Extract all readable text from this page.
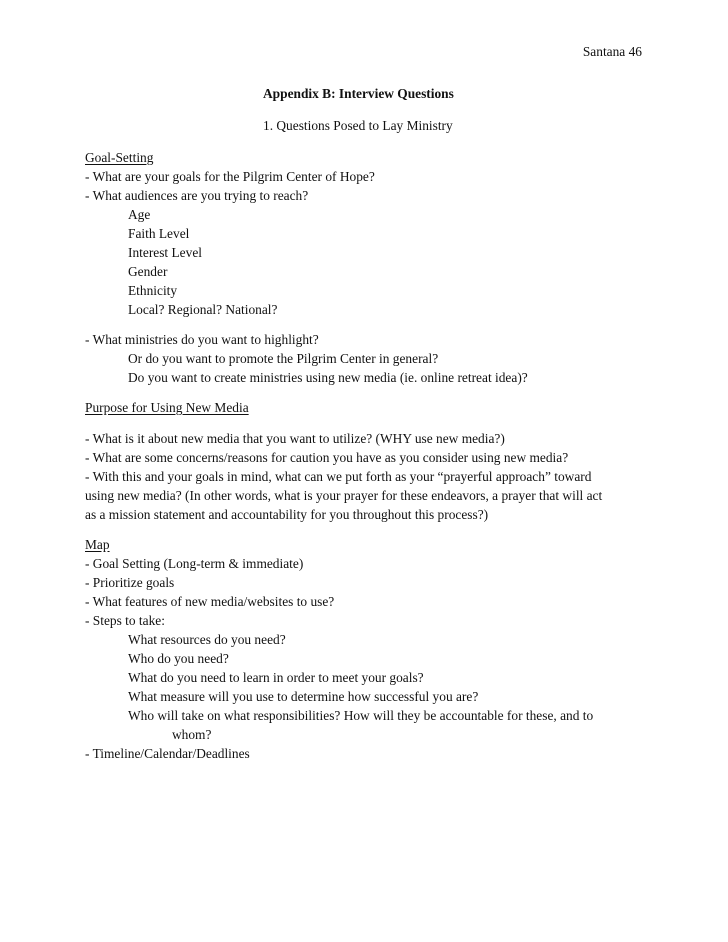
Santana 46
Appendix B: Interview Questions
1. Questions Posed to Lay Ministry
Goal-Setting
- What are your goals for the Pilgrim Center of Hope?
- What audiences are you trying to reach?
Age
Faith Level
Interest Level
Gender
Ethnicity
Local? Regional? National?
- What ministries do you want to highlight?
Or do you want to promote the Pilgrim Center in general?
Do you want to create ministries using new media (ie. online retreat idea)?
Purpose for Using New Media
- What is it about new media that you want to utilize? (WHY use new media?)
- What are some concerns/reasons for caution you have as you consider using new media?
- With this and your goals in mind, what can we put forth as your “prayerful approach” toward
using new media? (In other words, what is your prayer for these endeavors, a prayer that will act
as a mission statement and accountability for you throughout this process?)
Map
- Goal Setting (Long-term & immediate)
- Prioritize goals
- What features of new media/websites to use?
- Steps to take:
What resources do you need?
Who do you need?
What do you need to learn in order to meet your goals?
What measure will you use to determine how successful you are?
Who will take on what responsibilities? How will they be accountable for these, and to
whom?
- Timeline/Calendar/Deadlines
